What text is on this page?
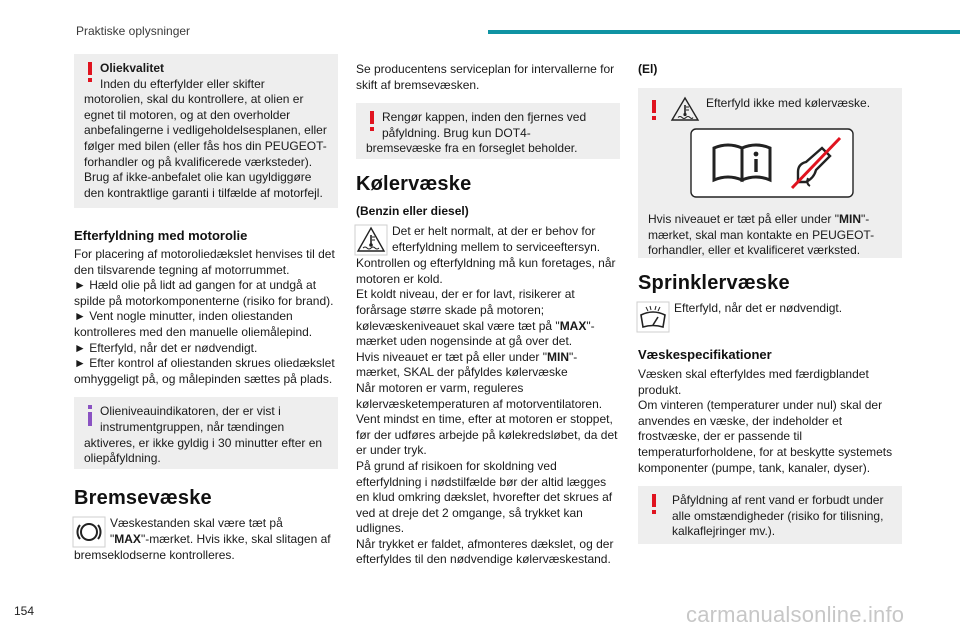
Praktiske oplysninger
Oliekvalitet
Inden du efterfylder eller skifter
motorolien, skal du kontrollere, at olien er egnet til motoren, og at den overholder anbefalingerne i vedligeholdelsesplanen, eller følger med bilen (eller fås hos din PEUGEOT-forhandler og på kvalificerede værksteder). Brug af ikke-anbefalet olie kan ugyldiggøre den kontraktlige garanti i tilfælde af motorfejl.
Efterfyldning med motorolie

For placering af motoroliedækslet henvises til det den tilsvarende tegning af motorrummet.

► Hæld olie på lidt ad gangen for at undgå at spilde på motorkomponenterne (risiko for brand).

► Vent nogle minutter, inden oliestanden kontrolleres med den manuelle oliemålepind.

► Efterfyld, når det er nødvendigt.

► Efter kontrol af oliestanden skrues oliedækslet omhyggeligt på, og målepinden sættes på plads.

Olieniveauindikatoren, der er vist i
instrumentgruppen, når tændingen
aktiveres, er ikke gyldig i 30 minutter efter en oliepåfyldning.
Bremsevæske
Væskestanden skal være tæt på
"MAX"-mærket. Hvis ikke, skal slitagen af

bremseklodserne kontrolleres.

Se producentens serviceplan for intervallerne for skift af bremsevæsken.

Rengør kappen, inden den fjernes ved
påfyldning. Brug kun DOT4-
bremsevæske fra en forseglet beholder.
Kølervæske
(Benzin eller diesel)
Det er helt normalt, at der er behov for
efterfyldning mellem to serviceeftersyn.

Kontrollen og efterfyldning må kun foretages, når motoren er kold.

Et koldt niveau, der er for lavt, risikerer at forårsage større skade på motoren; kølevæskeniveauet skal være tæt på "MAX"-mærket uden nogensinde at gå over det.

Hvis niveauet er tæt på eller under "MIN"-mærket, SKAL der påfyldes kølervæske

Når motoren er varm, reguleres kølervæsketemperaturen af motorventilatoren. Vent mindst en time, efter at motoren er stoppet, før der udføres arbejde på kølekredsløbet, da det er under tryk.

På grund af risikoen for skoldning ved efterfyldning i nødstilfælde bør der altid lægges en klud omkring dækslet, hvorefter det skrues af ved at dreje det 2 omgange, så trykket kan udlignes.

Når trykket er faldet, afmonteres dækslet, og der efterfyldes til den nødvendige kølervæskestand.

(El)
Efterfyld ikke med kølervæske.

Hvis niveauet er tæt på eller under "MIN"-mærket, skal man kontakte en PEUGEOT-forhandler, eller et kvalificeret værksted.

Sprinklervæske
Efterfyld, når det er nødvendigt.
Væskespecifikationer

Væsken skal efterfyldes med færdigblandet produkt.

Om vinteren (temperaturer under nul) skal der anvendes en væske, der indeholder et frostvæske, der er passende til temperaturforholdene, for at beskytte systemets komponenter (pumpe, tank, kanaler, dyser).

Påfyldning af rent vand er forbudt under
alle omstændigheder (risiko for tilisning, kalkaflejringer mv.).
154	carmanualsonline.info
